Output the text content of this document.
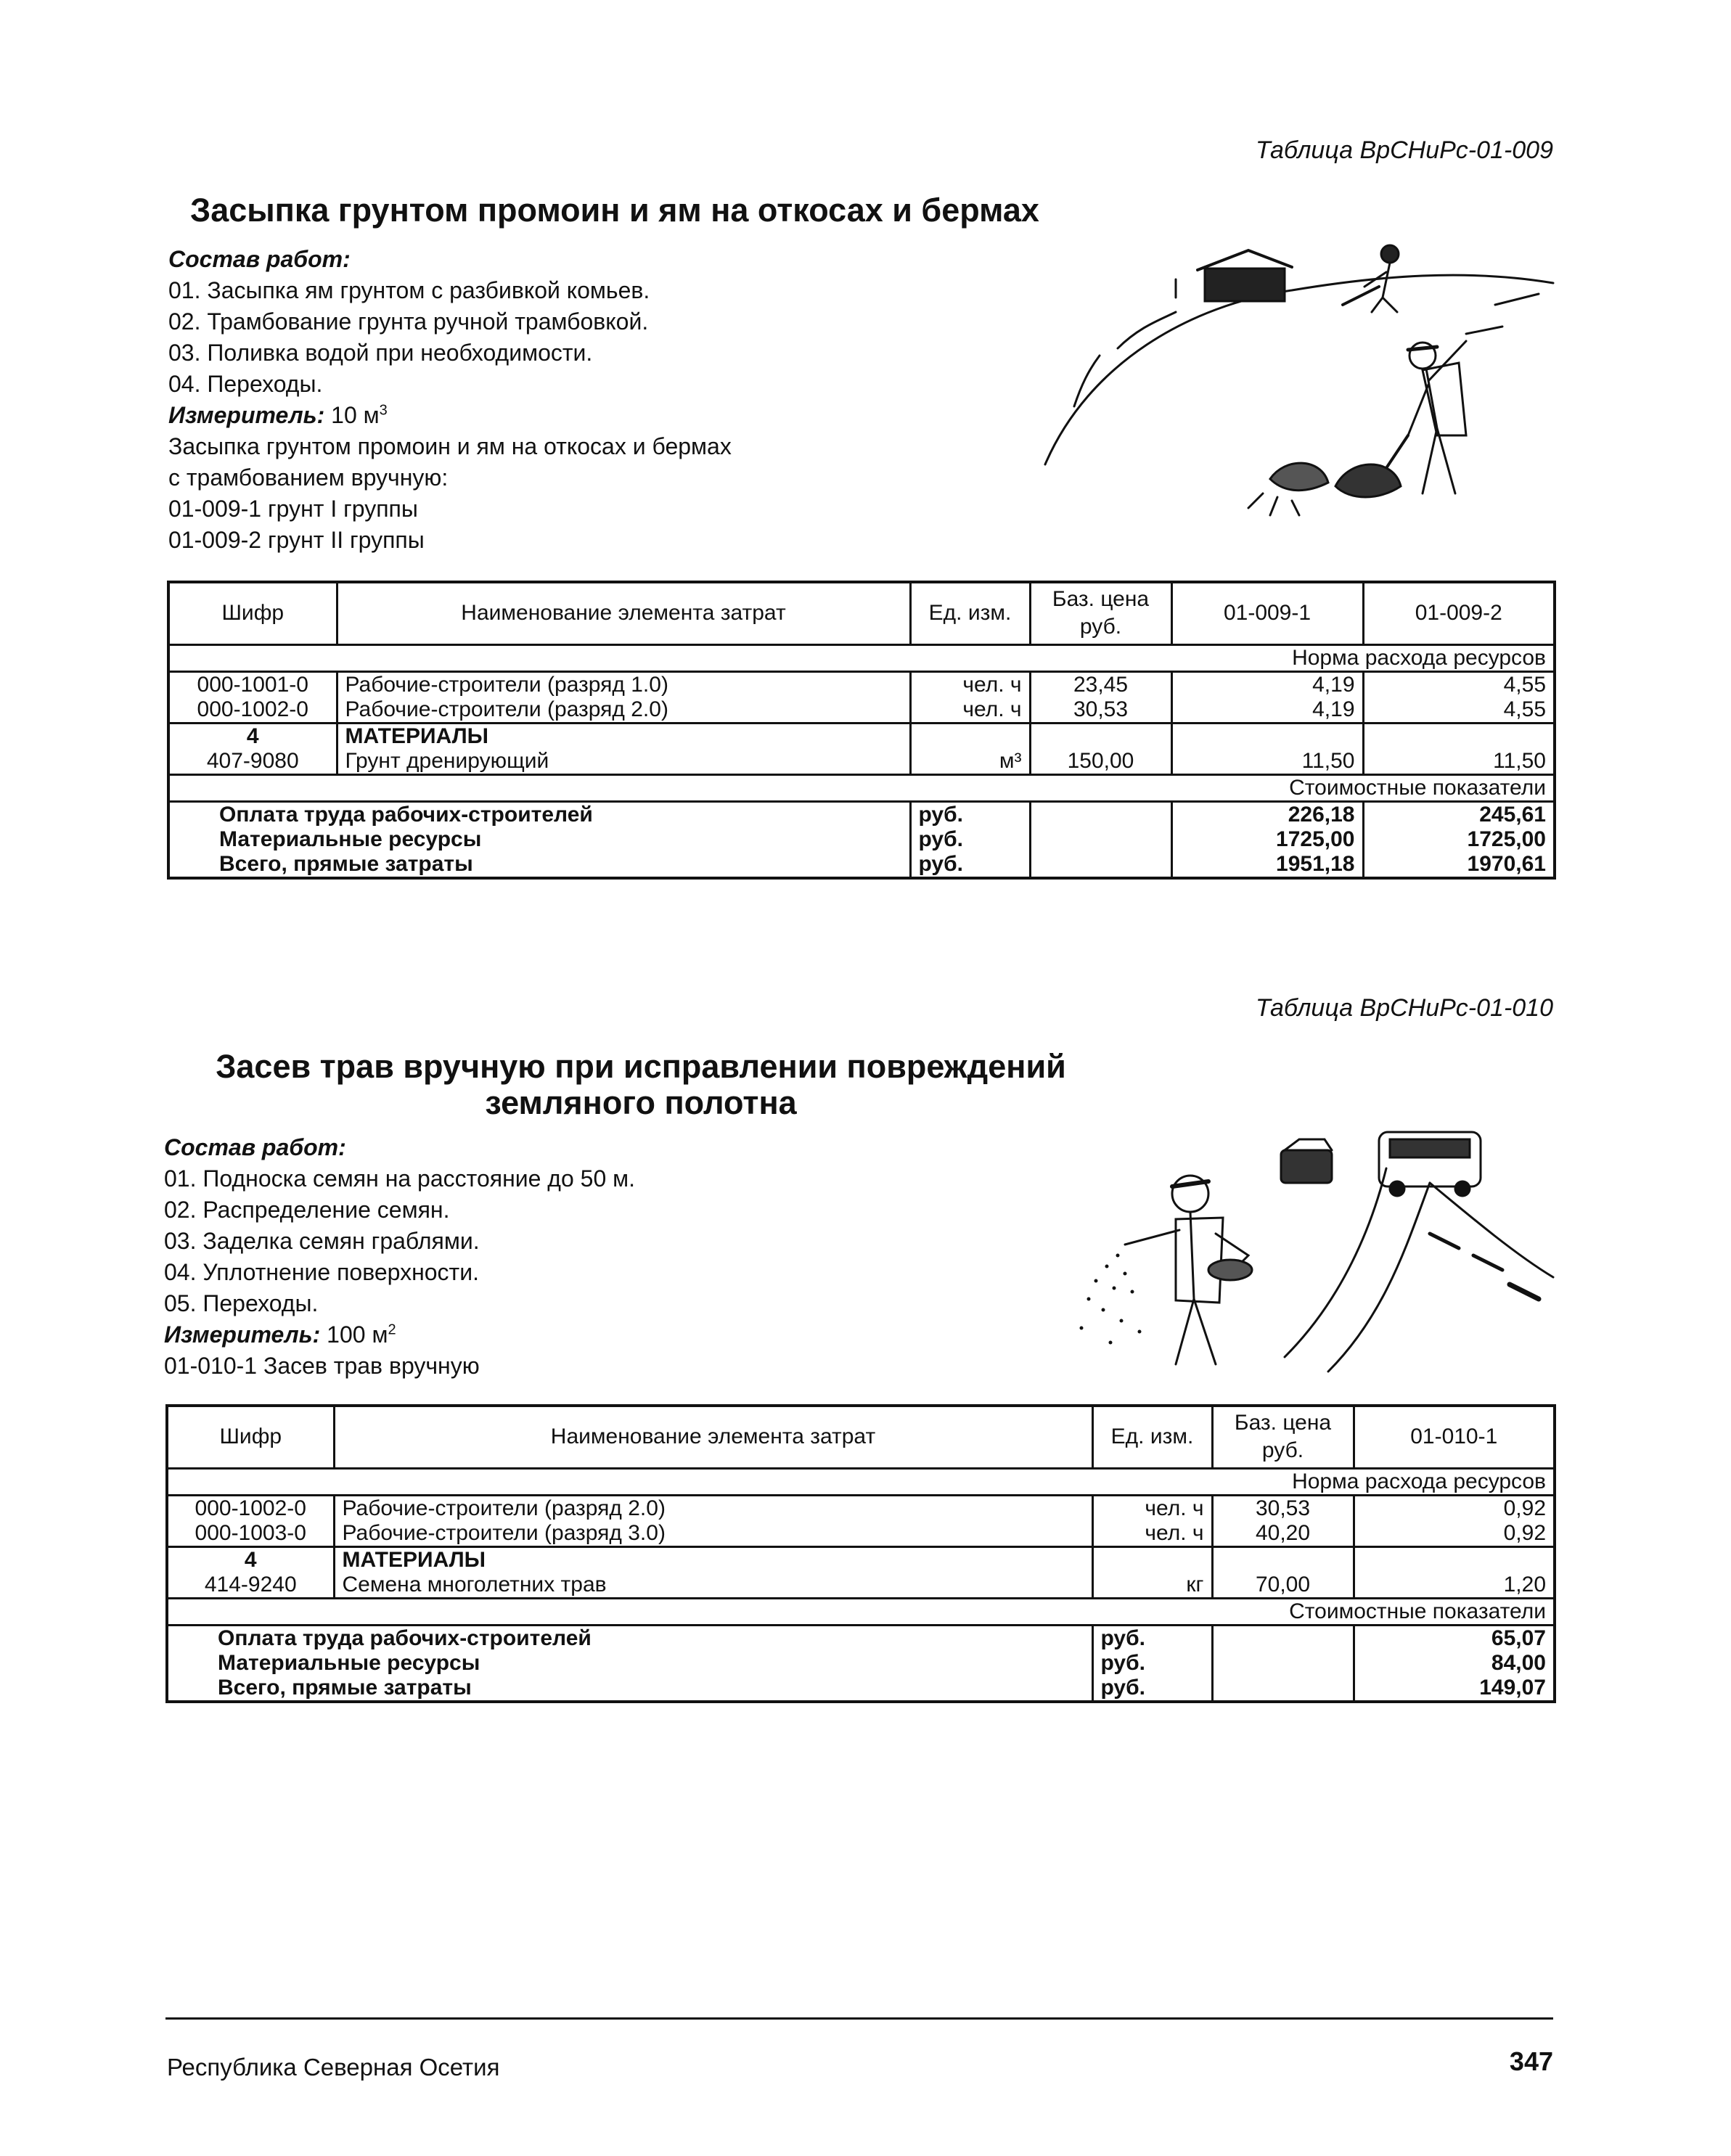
Таблица ВрСНиРс-01-009
Засыпка грунтом промоин и ям на откосах и бермах
Состав работ:
01. Засыпка ям грунтом с разбивкой комьев.
02. Трамбование грунта ручной трамбовкой.
03. Поливка водой при необходимости.
04. Переходы.
Измеритель: 10 $м^3$
Засыпка грунтом промоин и ям на откосах и бермах
с трамбованием вручную:
01-009-1 грунт I группы
01-009-2 грунт II группы
Шифр	Наименование элемента затрат	Ед. изм.	Баз. цена руб.	01-009-1	01-009-2
Норма расхода ресурсов					
000-1001-0	Рабочие-строители (разряд 1.0)	чел. ч	23,45	4,19	4,55
000-1002-0	Рабочие-строители (разряд 2.0)	чел. ч	30,53	4,19	4,55
4	МАТЕРИАЛЫ				
407-9080	Грунт дренирующий	м³	150,00	11,50	11,50
Стоимостные показатели					
Оплата труда рабочих-строителей		руб.		226,18	245,61
Материальные ресурсы		руб.		1725,00	1725,00
Всего, прямые затраты		руб.		1951,18	1970,61
Таблица ВрСНиРс-01-010
Засев трав вручную при исправлении повреждений
земляного полотна
Состав работ:
01. Подноска семян на расстояние до 50 м.
02. Распределение семян.
03. Заделка семян граблями.
04. Уплотнение поверхности.
05. Переходы.
Измеритель: 100 $м^2$
01-010-1 Засев трав вручную
Шифр	Наименование элемента затрат	Ед. изм.	Баз. цена руб.	01-010-1
Норма расхода ресурсов				
000-1002-0	Рабочие-строители (разряд 2.0)	чел. ч	30,53	0,92
000-1003-0	Рабочие-строители (разряд 3.0)	чел. ч	40,20	0,92
4	МАТЕРИАЛЫ			
414-9240	Семена многолетних трав	кг	70,00	1,20
Стоимостные показатели				
Оплата труда рабочих-строителей		руб.		65,07
Материальные ресурсы		руб.		84,00
Всего, прямые затраты		руб.		149,07
Республика Северная Осетия	347
